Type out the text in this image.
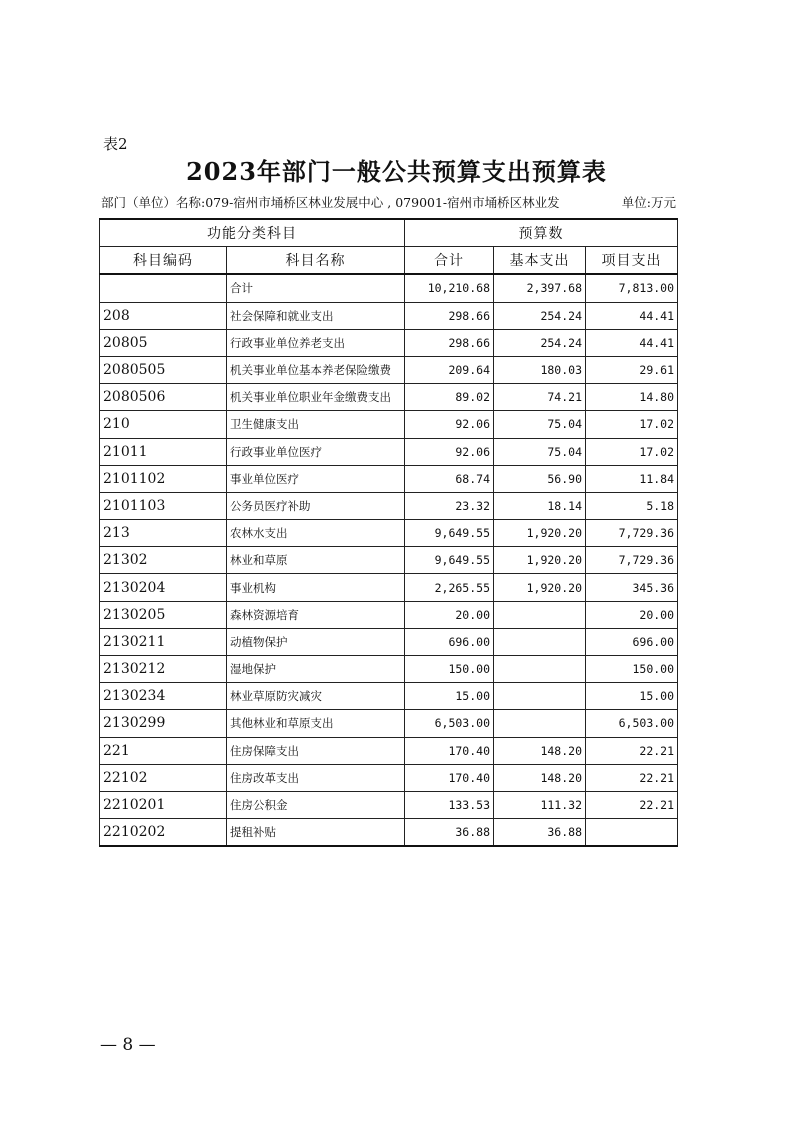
表2
2023年部门一般公共预算支出预算表
部门（单位）名称:079-宿州市埇桥区林业发展中心 , 079001-宿州市埇桥区林业发	单位:万元
功能分类科目		预算数		
科目编码	科目名称	合计	基本支出	项目支出
	合计	10,210.68	2,397.68	7,813.00
208	社会保障和就业支出	298.66	254.24	44.41
20805	行政事业单位养老支出	298.66	254.24	44.41
2080505	机关事业单位基本养老保险缴费	209.64	180.03	29.61
2080506	机关事业单位职业年金缴费支出	89.02	74.21	14.80
210	卫生健康支出	92.06	75.04	17.02
21011	行政事业单位医疗	92.06	75.04	17.02
2101102	事业单位医疗	68.74	56.90	11.84
2101103	公务员医疗补助	23.32	18.14	5.18
213	农林水支出	9,649.55	1,920.20	7,729.36
21302	林业和草原	9,649.55	1,920.20	7,729.36
2130204	事业机构	2,265.55	1,920.20	345.36
2130205	森林资源培育	20.00		20.00
2130211	动植物保护	696.00		696.00
2130212	湿地保护	150.00		150.00
2130234	林业草原防灾减灾	15.00		15.00
2130299	其他林业和草原支出	6,503.00		6,503.00
221	住房保障支出	170.40	148.20	22.21
22102	住房改革支出	170.40	148.20	22.21
2210201	住房公积金	133.53	111.32	22.21
2210202	提租补贴	36.88	36.88	
— 8 —
